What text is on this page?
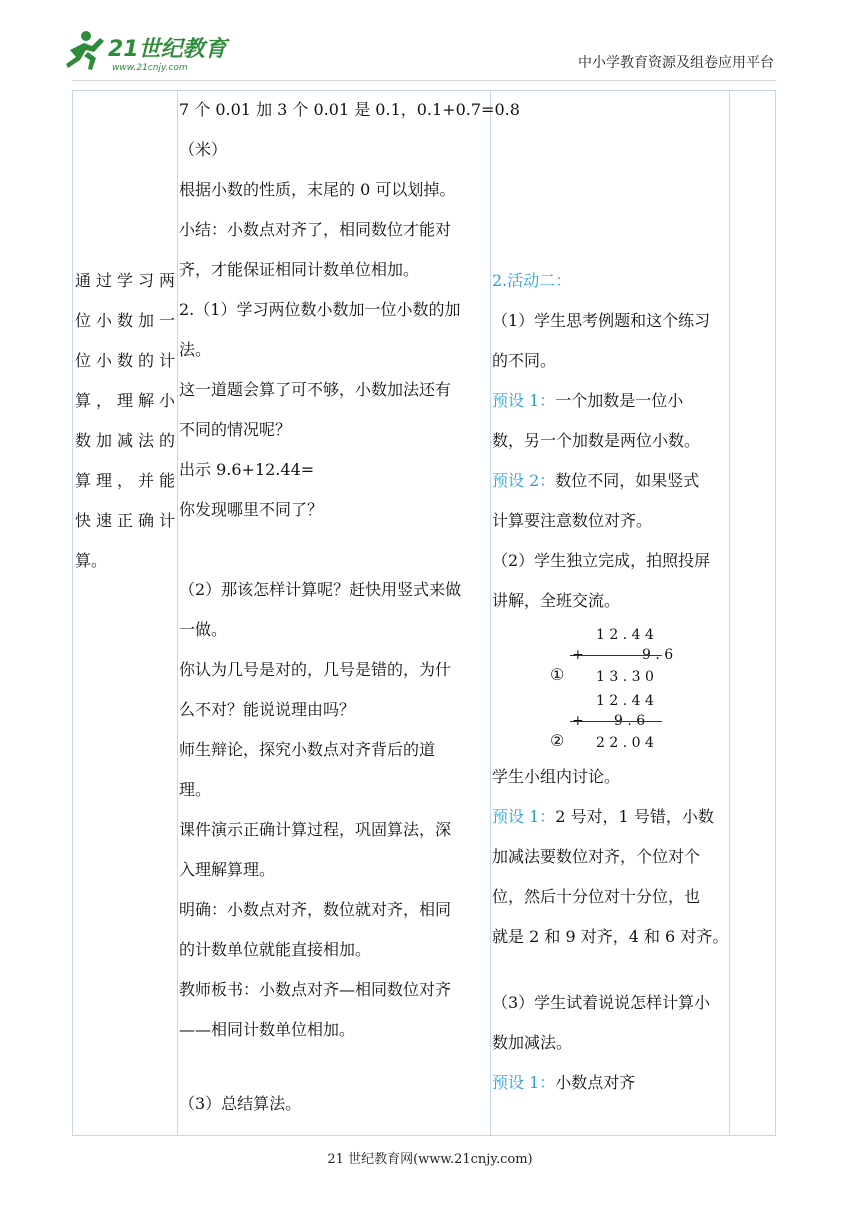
21世纪教育
www.21cnjy.com	中小学教育资源及组卷应用平台

通过学习两

位小数加一

位小数的计

算，理解小

数加减法的

算理，并能

快速正确计

算。

7 个 0.01 加 3 个 0.01 是 0.1，0.1+0.7=0.8

（米）

根据小数的性质，末尾的 0 可以划掉。

小结：小数点对齐了，相同数位才能对

齐，才能保证相同计数单位相加。

2.（1）学习两位数小数加一位小数的加

法。

这一道题会算了可不够，小数加法还有

不同的情况呢？

出示 9.6+12.44=

你发现哪里不同了？

（2）那该怎样计算呢？赶快用竖式来做

一做。

你认为几号是对的，几号是错的，为什

么不对？能说说理由吗？

师生辩论，探究小数点对齐背后的道

理。

课件演示正确计算过程，巩固算法，深

入理解算理。

明确：小数点对齐，数位就对齐，相同

的计数单位就能直接相加。

教师板书：小数点对齐—相同数位对齐

——相同计数单位相加。

（3）总结算法。

2.活动二：

（1）学生思考例题和这个练习

的不同。

预设 1：一个加数是一位小

数，另一个加数是两位小数。

预设 2：数位不同，如果竖式

计算要注意数位对齐。

（2）学生独立完成，拍照投屏

讲解，全班交流。

1 2 . 4 4
+	9 . 6
① 1 3 . 3 0
1 2 . 4 4
+ 9 . 6
② 2 2 . 0 4

学生小组内讨论。

预设 1：2 号对，1 号错，小数

加减法要数位对齐，个位对个

位，然后十分位对十分位，也

就是 2 和 9 对齐，4 和 6 对齐。

（3）学生试着说说怎样计算小

数加减法。

预设 1：小数点对齐

21 世纪教育网(www.21cnjy.com)
